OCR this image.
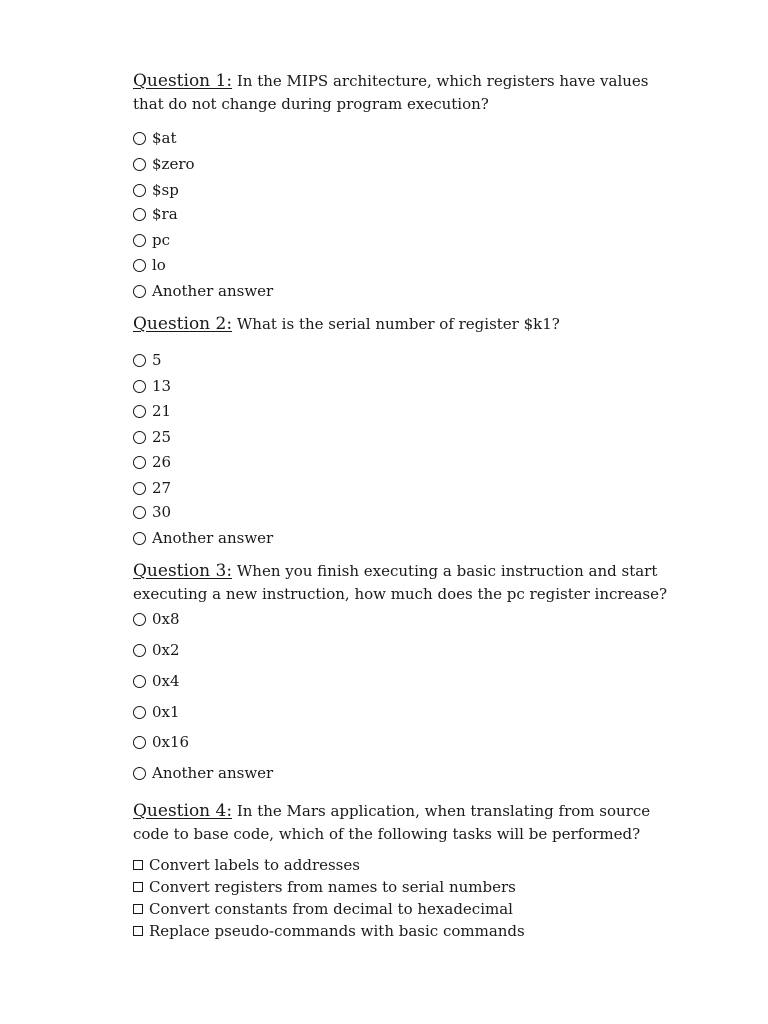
Question 1: In the MIPS architecture, which registers have values that do not change during program execution?
$at
$zero
$sp
$ra
pc
lo
Another answer
Question 2: What is the serial number of register $k1?
5
13
21
25
26
27
30
Another answer
Question 3: When you finish executing a basic instruction and start executing a new instruction, how much does the pc register increase?
0x8
0x2
0x4
0x1
0x16
Another answer
Question 4: In the Mars application, when translating from source code to base code, which of the following tasks will be performed?
Convert labels to addresses
Convert registers from names to serial numbers
Convert constants from decimal to hexadecimal
Replace pseudo-commands with basic commands
